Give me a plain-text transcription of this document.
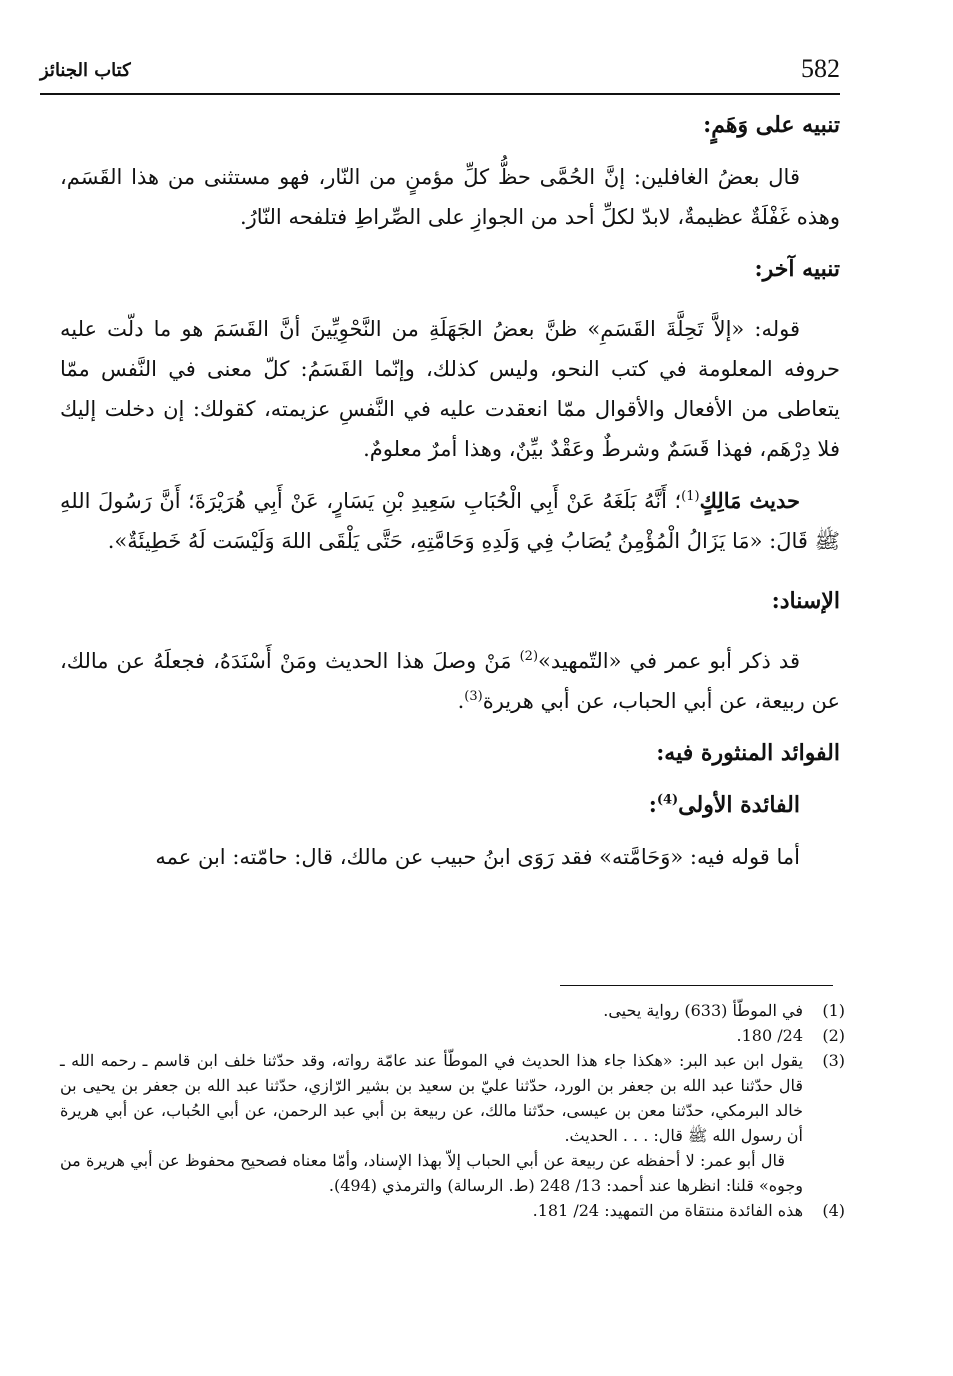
582
كتاب الجنائز
تنبيه على وَهَمٍ:

قال بعضُ الغافلين: إنَّ الحُمَّى حظُّ كلِّ مؤمنٍ من النّار، فهو مستثنى من هذا القَسَم، وهذه غَفْلَةٌ عظيمةٌ، لابدّ لكلِّ أحد من الجوازِ على الصِّراطِ فتلفحه النّارُ.

تنبيه آخر:

قوله: «إلاَّ تَحِلَّةَ القَسَمِ» ظنَّ بعضُ الجَهَلَةِ من النَّحْوِيِّينَ أنَّ القَسَمَ هو ما دلّت عليه حروفه المعلومة في كتب النحو، وليس كذلك، وإنّما القَسَمُ: كلّ معنى في النَّفس ممّا يتعاطى من الأفعال والأقوال ممّا انعقدت عليه في النَّفسِ عزيمته، كقولك: إن دخلت إليك فلا دِرْهَم، فهذا قَسَمٌ وشرطٌ وعَقْدٌ بيِّنٌ، وهذا أمرٌ معلومٌ.

حديث مَالِكٍ$^{(1)}$؛ أَنَّهُ بَلَغَهُ عَنْ أَبِي الْحُبَابِ سَعِيدِ بْنِ يَسَارٍ، عَنْ أَبِي هُرَيْرَةَ؛ أَنَّ رَسُولَ اللهِ ﷺ قَالَ: «مَا يَزَالُ الْمُؤْمِنُ يُصَابُ فِي وَلَدِهِ وَحَامَّتِهِ، حَتَّى يَلْقَى اللهَ وَلَيْسَت لَهُ خَطِيئَةٌ».

الإسناد:

قد ذكر أبو عمر في «التّمهيد»$^{(2)}$ مَنْ وصلَ هذا الحديث ومَنْ أَسْنَدَهُ، فجعلَهُ عن مالك، عن ربيعة، عن أبي الحباب، عن أبي هريرة$^{(3)}$.

الفوائد المنثورة فيه:
الفائدة الأولى$^{(4)}$:

أما قوله فيه: «وَحَامَّته» فقد رَوَى ابنُ حبيب عن مالك، قال: حامّته: ابن عمه

(1)

في الموطّأ (633) رواية يحيى.

(2)

24/ 180.

(3)

يقول ابن عبد البر: «هكذا جاء هذا الحديث في الموطّأ عند عامّة رواته، وقد حدّثنا خلف ابن قاسم ـ رحمه الله ـ قال حدّثنا عبد الله بن جعفر بن الورد، حدّثنا عليّ بن سعيد بن بشير الرّازي، حدّثنا عبد الله بن جعفر بن يحيى بن خالد البرمكي، حدّثنا معن بن عيسى، حدّثنا مالك، عن ربيعة بن أبي عبد الرحمن، عن أبي الحُباب، عن أبي هريرة أن رسول الله ﷺ قال: . . . الحديث.

قال أبو عمر: لا أحفظه عن ربيعة عن أبي الحباب إلاّ بهذا الإسناد، وأمّا معناه فصحيح محفوظ عن أبي هريرة من وجوه» قلنا: انظرها عند أحمد: 13/ 248 (ط. الرسالة) والترمذي (494).

(4)

هذه الفائدة منتقاة من التمهيد: 24/ 181.
